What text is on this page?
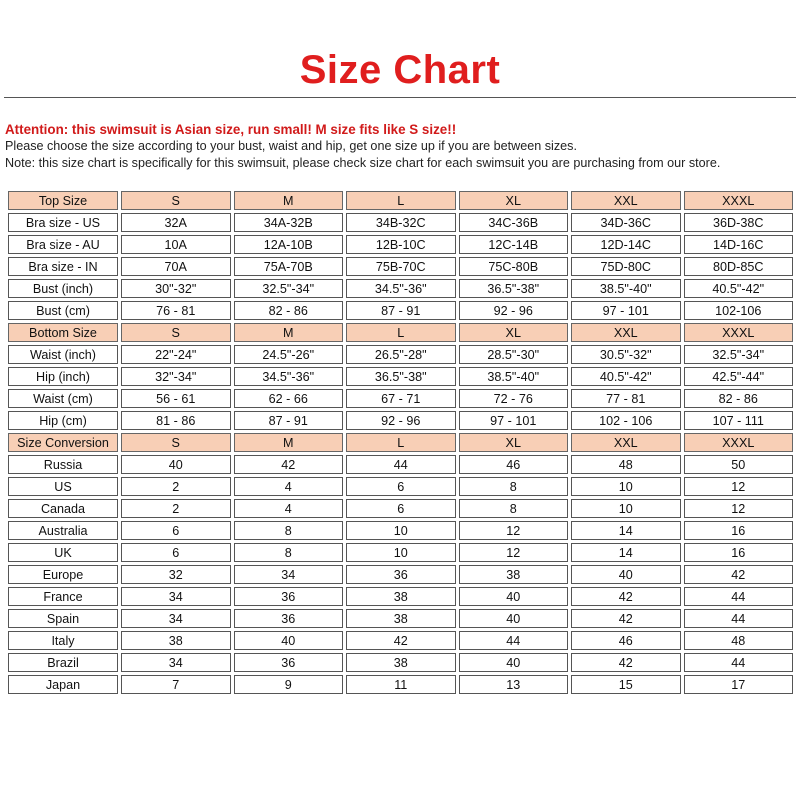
Size Chart
Attention: this swimsuit is Asian size, run small! M size fits like S size!!
Please choose the size according to your bust, waist and hip, get one size up if you are between sizes.
Note: this size chart is specifically for this swimsuit, please check size chart for each swimsuit you are purchasing from our store.
Top Size	S	M	L	XL	XXL	XXXL
Bra size - US	32A	34A-32B	34B-32C	34C-36B	34D-36C	36D-38C
Bra size - AU	10A	12A-10B	12B-10C	12C-14B	12D-14C	14D-16C
Bra size - IN	70A	75A-70B	75B-70C	75C-80B	75D-80C	80D-85C
Bust (inch)	30"-32"	32.5"-34"	34.5"-36"	36.5"-38"	38.5"-40"	40.5"-42"
Bust (cm)	76 - 81	82 - 86	87 - 91	92 - 96	97 - 101	102-106
Bottom Size	S	M	L	XL	XXL	XXXL
Waist (inch)	22"-24"	24.5"-26"	26.5"-28"	28.5"-30"	30.5"-32"	32.5"-34"
Hip (inch)	32"-34"	34.5"-36"	36.5"-38"	38.5"-40"	40.5"-42"	42.5"-44"
Waist (cm)	56 - 61	62 - 66	67 - 71	72 - 76	77 - 81	82 - 86
Hip (cm)	81 - 86	87 - 91	92 - 96	97 - 101	102 - 106	107 - 111
Size Conversion	S	M	L	XL	XXL	XXXL
Russia	40	42	44	46	48	50
US	2	4	6	8	10	12
Canada	2	4	6	8	10	12
Australia	6	8	10	12	14	16
UK	6	8	10	12	14	16
Europe	32	34	36	38	40	42
France	34	36	38	40	42	44
Spain	34	36	38	40	42	44
Italy	38	40	42	44	46	48
Brazil	34	36	38	40	42	44
Japan	7	9	11	13	15	17
